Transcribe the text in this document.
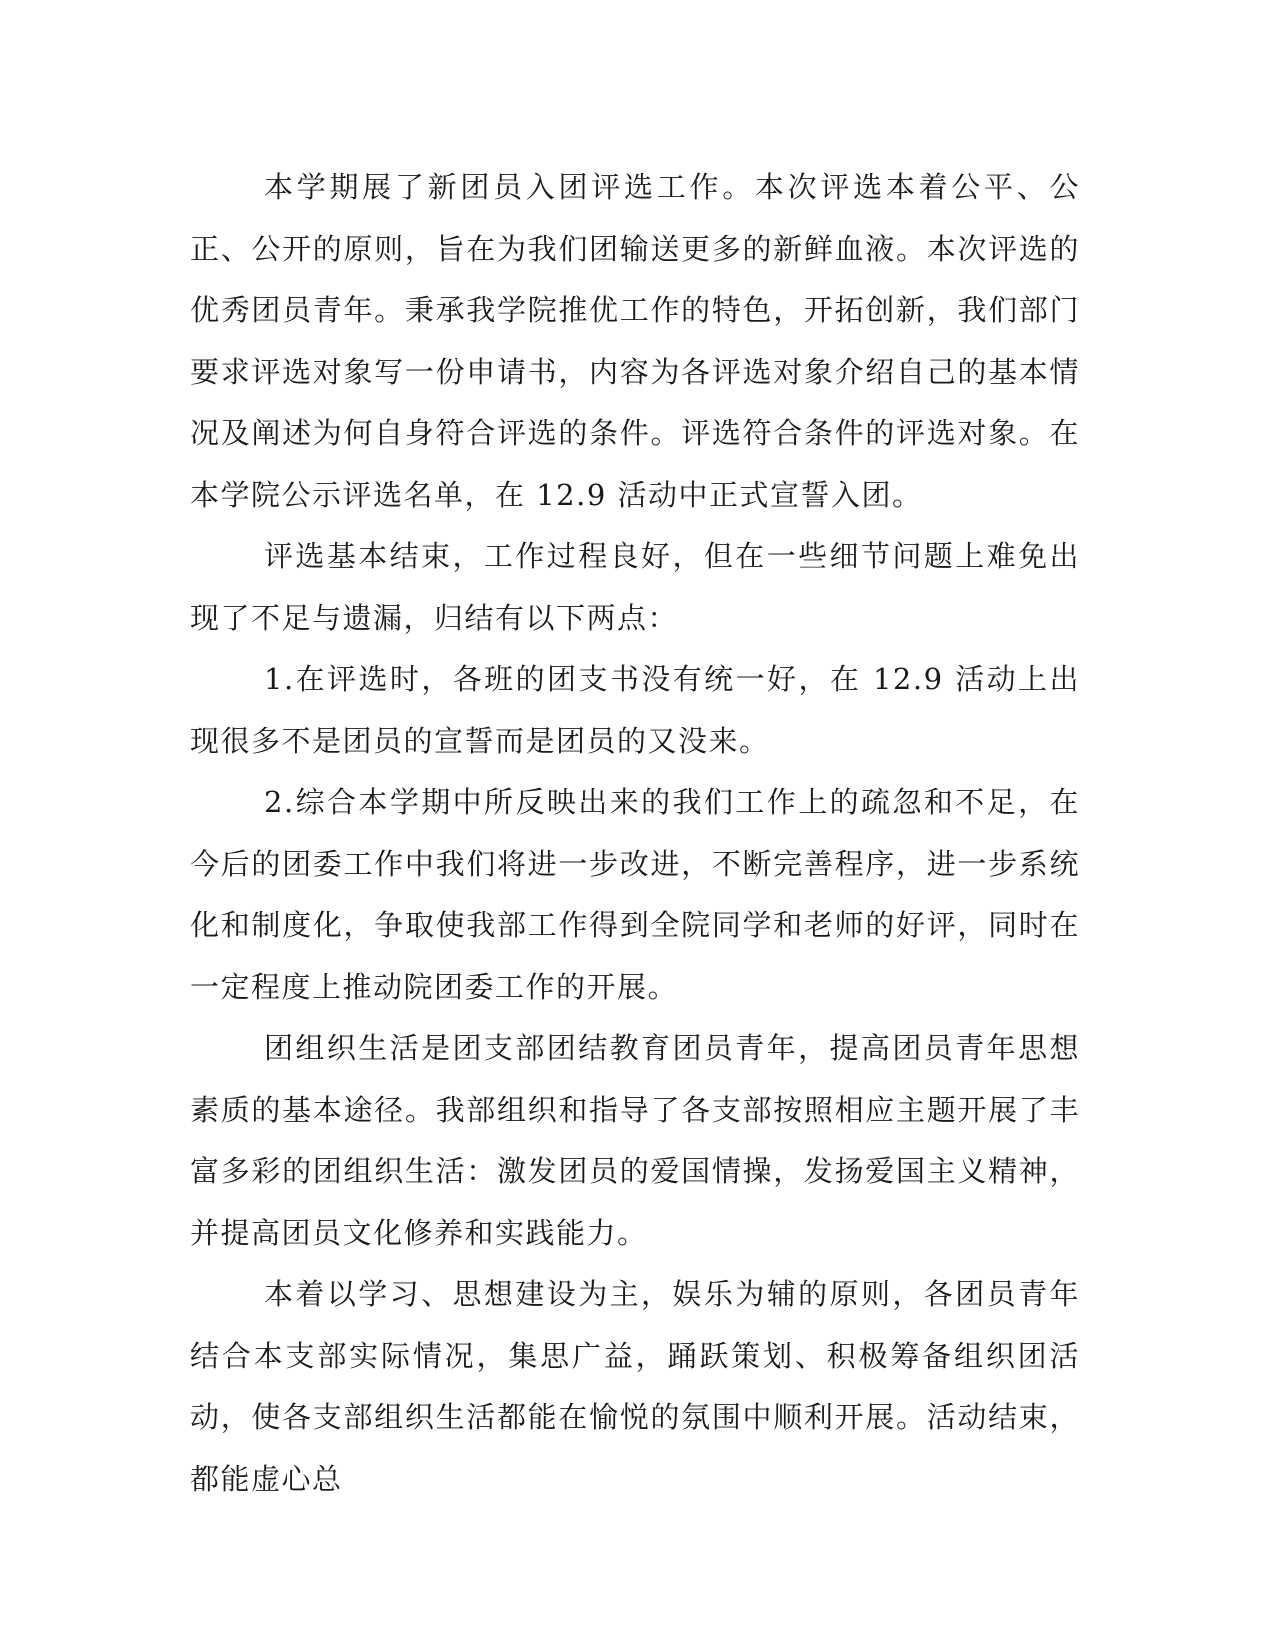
本学期展了新团员入团评选工作。本次评选本着公平、公正、公开的原则，旨在为我们团输送更多的新鲜血液。本次评选的优秀团员青年。秉承我学院推优工作的特色，开拓创新，我们部门要求评选对象写一份申请书，内容为各评选对象介绍自己的基本情况及阐述为何自身符合评选的条件。评选符合条件的评选对象。在本学院公示评选名单，在 12.9 活动中正式宣誓入团。

评选基本结束，工作过程良好，但在一些细节问题上难免出现了不足与遗漏，归结有以下两点：

1.在评选时，各班的团支书没有统一好，在 12.9 活动上出现很多不是团员的宣誓而是团员的又没来。

2.综合本学期中所反映出来的我们工作上的疏忽和不足，在今后的团委工作中我们将进一步改进，不断完善程序，进一步系统化和制度化，争取使我部工作得到全院同学和老师的好评，同时在一定程度上推动院团委工作的开展。

团组织生活是团支部团结教育团员青年，提高团员青年思想素质的基本途径。我部组织和指导了各支部按照相应主题开展了丰富多彩的团组织生活：激发团员的爱国情操，发扬爱国主义精神，并提高团员文化修养和实践能力。

本着以学习、思想建设为主，娱乐为辅的原则，各团员青年结合本支部实际情况，集思广益，踊跃策划、积极筹备组织团活动，使各支部组织生活都能在愉悦的氛围中顺利开展。活动结束，都能虚心总
